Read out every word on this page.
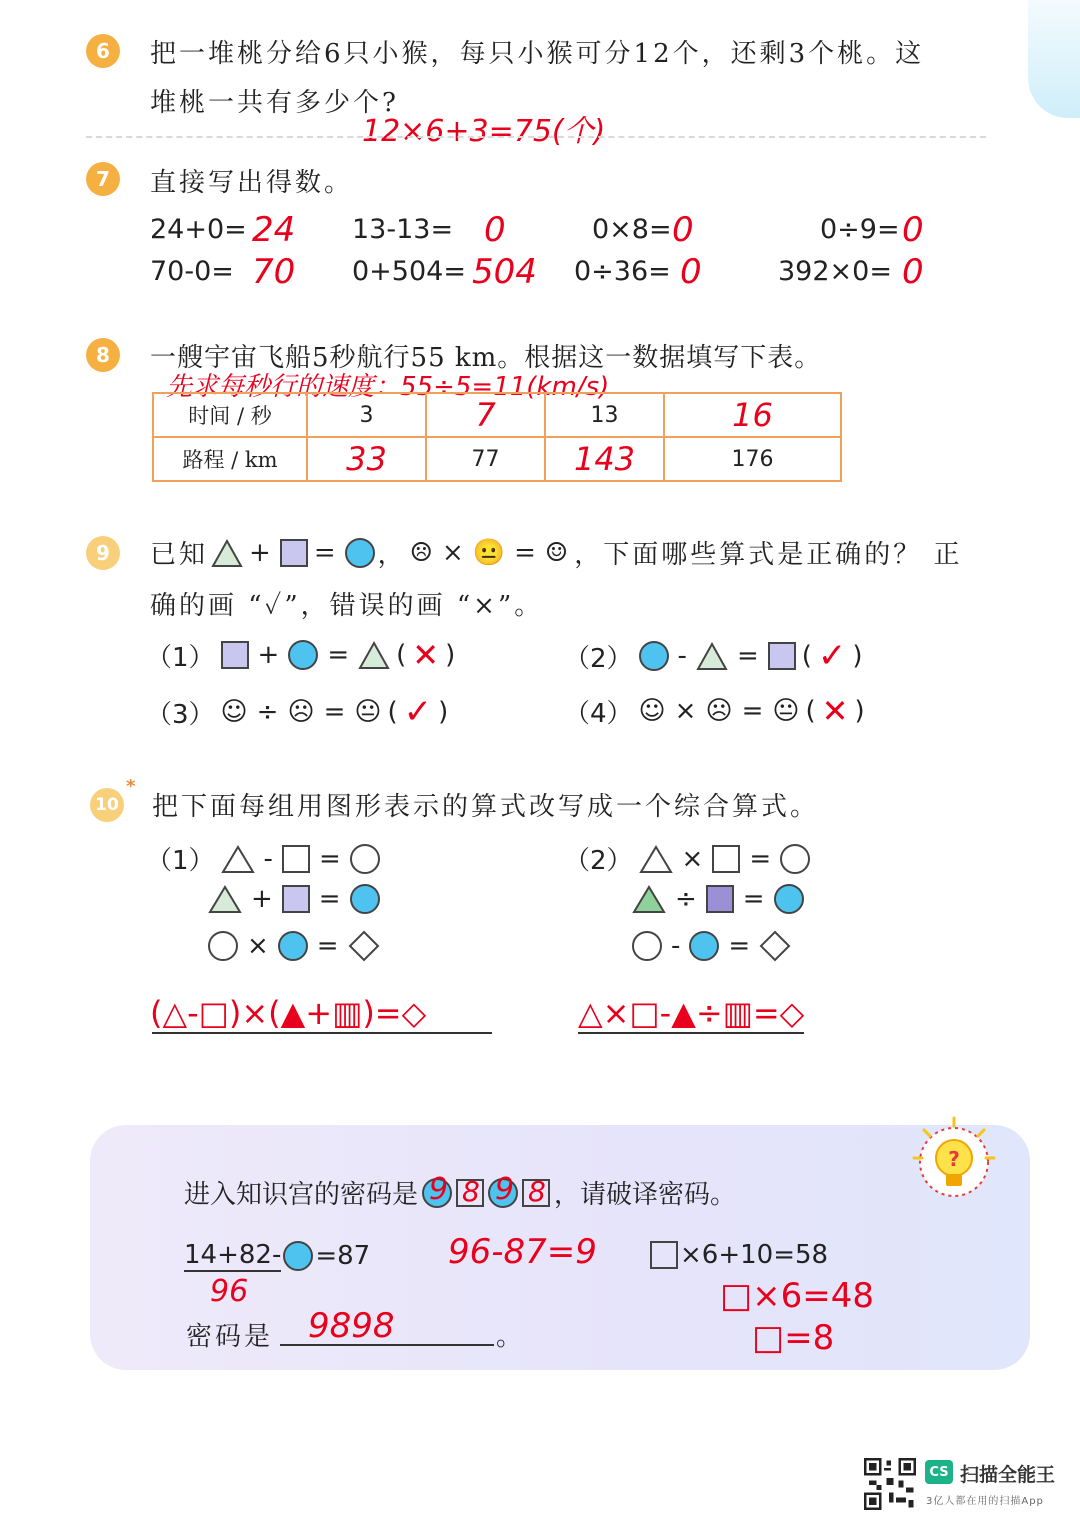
6	把一堆桃分给6只小猴，每只小猴可分12个，还剩3个桃。这
堆桃一共有多少个?
12×6+3=75(个)
7	直接写出得数。
24+0= 24 13-13= 0	0×8= 0	0÷9= 0
70-0= 70 0+504= 504 0÷36= 0	392×0= 0
8	一艘宇宙飞船5秒航行55 km。根据这一数据填写下表。
先求每秒行的速度：55÷5=11(km/s)
时间 / 秒	3	7	13	16
路程 / km	33	77	143	176
9	已知 + = ， ☹ × 😐 = ☺ ，下面哪些算式是正确的？ 正
确的画 “✓”，错误的画 “×”。
（1） + = ( ✕ )	（2） - = ( ✓ )
（3） ☺ ÷ ☹ = 😐 ( ✓ )	（4） ☺ × ☹ = 😐 ( ✕ )
10
*
把下面每组用图形表示的算式改写成一个综合算式。
（1） - =
+ =
× =
（2） × =
÷ =
- =
(△-□)×(▲+▥)=◇	△×□-▲÷▥=◇
?
进入知识宫的密码是 9 8 9 8 ，请破译密码。
14+82- =87
96
96-87=9	×6+10=58
□×6=48
□=8
密码是 9898	。
CS 扫描全能王
3亿人都在用的扫描App
